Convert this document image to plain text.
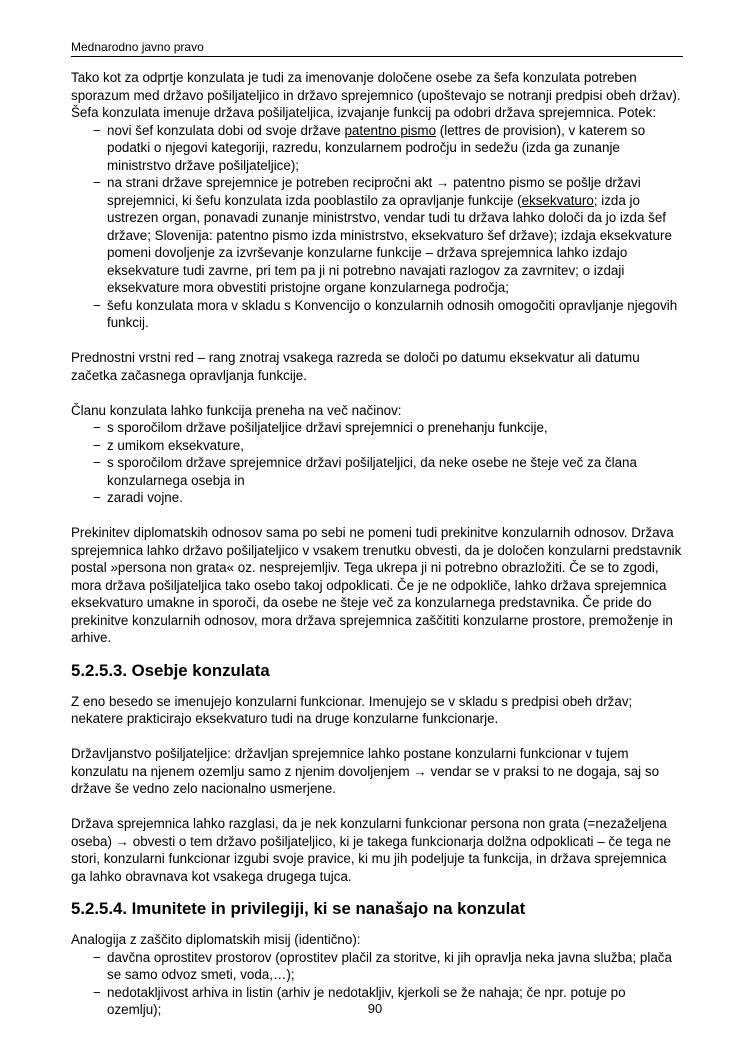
Mednarodno javno pravo

Tako kot za odprtje konzulata je tudi za imenovanje določene osebe za šefa konzulata potreben sporazum med državo pošiljateljico in državo sprejemnico (upoštevajo se notranji predpisi obeh držav). Šefa konzulata imenuje država pošiljateljica, izvajanje funkcij pa odobri država sprejemnica. Potek:

− novi šef konzulata dobi od svoje države patentno pismo (lettres de provision), v katerem so podatki o njegovi kategoriji, razredu, konzularnem področju in sedežu (izda ga zunanje ministrstvo države pošiljateljice);
− na strani države sprejemnice je potreben recipročni akt → patentno pismo se pošlje državi sprejemnici, ki šefu konzulata izda pooblastilo za opravljanje funkcije (eksekvaturo; izda jo ustrezen organ, ponavadi zunanje ministrstvo, vendar tudi tu država lahko določi da jo izda šef države; Slovenija: patentno pismo izda ministrstvo, eksekvaturo šef države); izdaja eksekvature pomeni dovoljenje za izvrševanje konzularne funkcije – država sprejemnica lahko izdajo eksekvature tudi zavrne, pri tem pa ji ni potrebno navajati razlogov za zavrnitev; o izdaji eksekvature mora obvestiti pristojne organe konzularnega področja;
− šefu konzulata mora v skladu s Konvencijo o konzularnih odnosih omogočiti opravljanje njegovih funkcij.

Prednostni vrstni red – rang znotraj vsakega razreda se določi po datumu eksekvatur ali datumu začetka začasnega opravljanja funkcije.

Članu konzulata lahko funkcija preneha na več načinov:

− s sporočilom države pošiljateljice državi sprejemnici o prenehanju funkcije,
− z umikom eksekvature,
− s sporočilom države sprejemnice državi pošiljateljici, da neke osebe ne šteje več za člana konzularnega osebja in
− zaradi vojne.

Prekinitev diplomatskih odnosov sama po sebi ne pomeni tudi prekinitve konzularnih odnosov. Država sprejemnica lahko državo pošiljateljico v vsakem trenutku obvesti, da je določen konzularni predstavnik postal »persona non grata« oz. nesprejemljiv. Tega ukrepa ji ni potrebno obrazložiti. Če se to zgodi, mora država pošiljateljica tako osebo takoj odpoklicati. Če je ne odpokliče, lahko država sprejemnica eksekvaturo umakne in sporoči, da osebe ne šteje več za konzularnega predstavnika. Če pride do prekinitve konzularnih odnosov, mora država sprejemnica zaščititi konzularne prostore, premoženje in arhive.

5.2.5.3. Osebje konzulata

Z eno besedo se imenujejo konzularni funkcionar. Imenujejo se v skladu s predpisi obeh držav; nekatere prakticirajo eksekvaturo tudi na druge konzularne funkcionarje.

Državljanstvo pošiljateljice: državljan sprejemnice lahko postane konzularni funkcionar v tujem konzulatu na njenem ozemlju samo z njenim dovoljenjem → vendar se v praksi to ne dogaja, saj so države še vedno zelo nacionalno usmerjene.

Država sprejemnica lahko razglasi, da je nek konzularni funkcionar persona non grata (=nezaželjena oseba) → obvesti o tem državo pošiljateljico, ki je takega funkcionarja dolžna odpoklicati – če tega ne stori, konzularni funkcionar izgubi svoje pravice, ki mu jih podeljuje ta funkcija, in država sprejemnica ga lahko obravnava kot vsakega drugega tujca.

5.2.5.4. Imunitete in privilegiji, ki se nanašajo na konzulat

Analogija z zaščito diplomatskih misij (identično):

− davčna oprostitev prostorov (oprostitev plačil za storitve, ki jih opravlja neka javna služba; plača se samo odvoz smeti, voda,…);
− nedotakljivost arhiva in listin (arhiv je nedotakljiv, kjerkoli se že nahaja; če npr. potuje po ozemlju);	90
